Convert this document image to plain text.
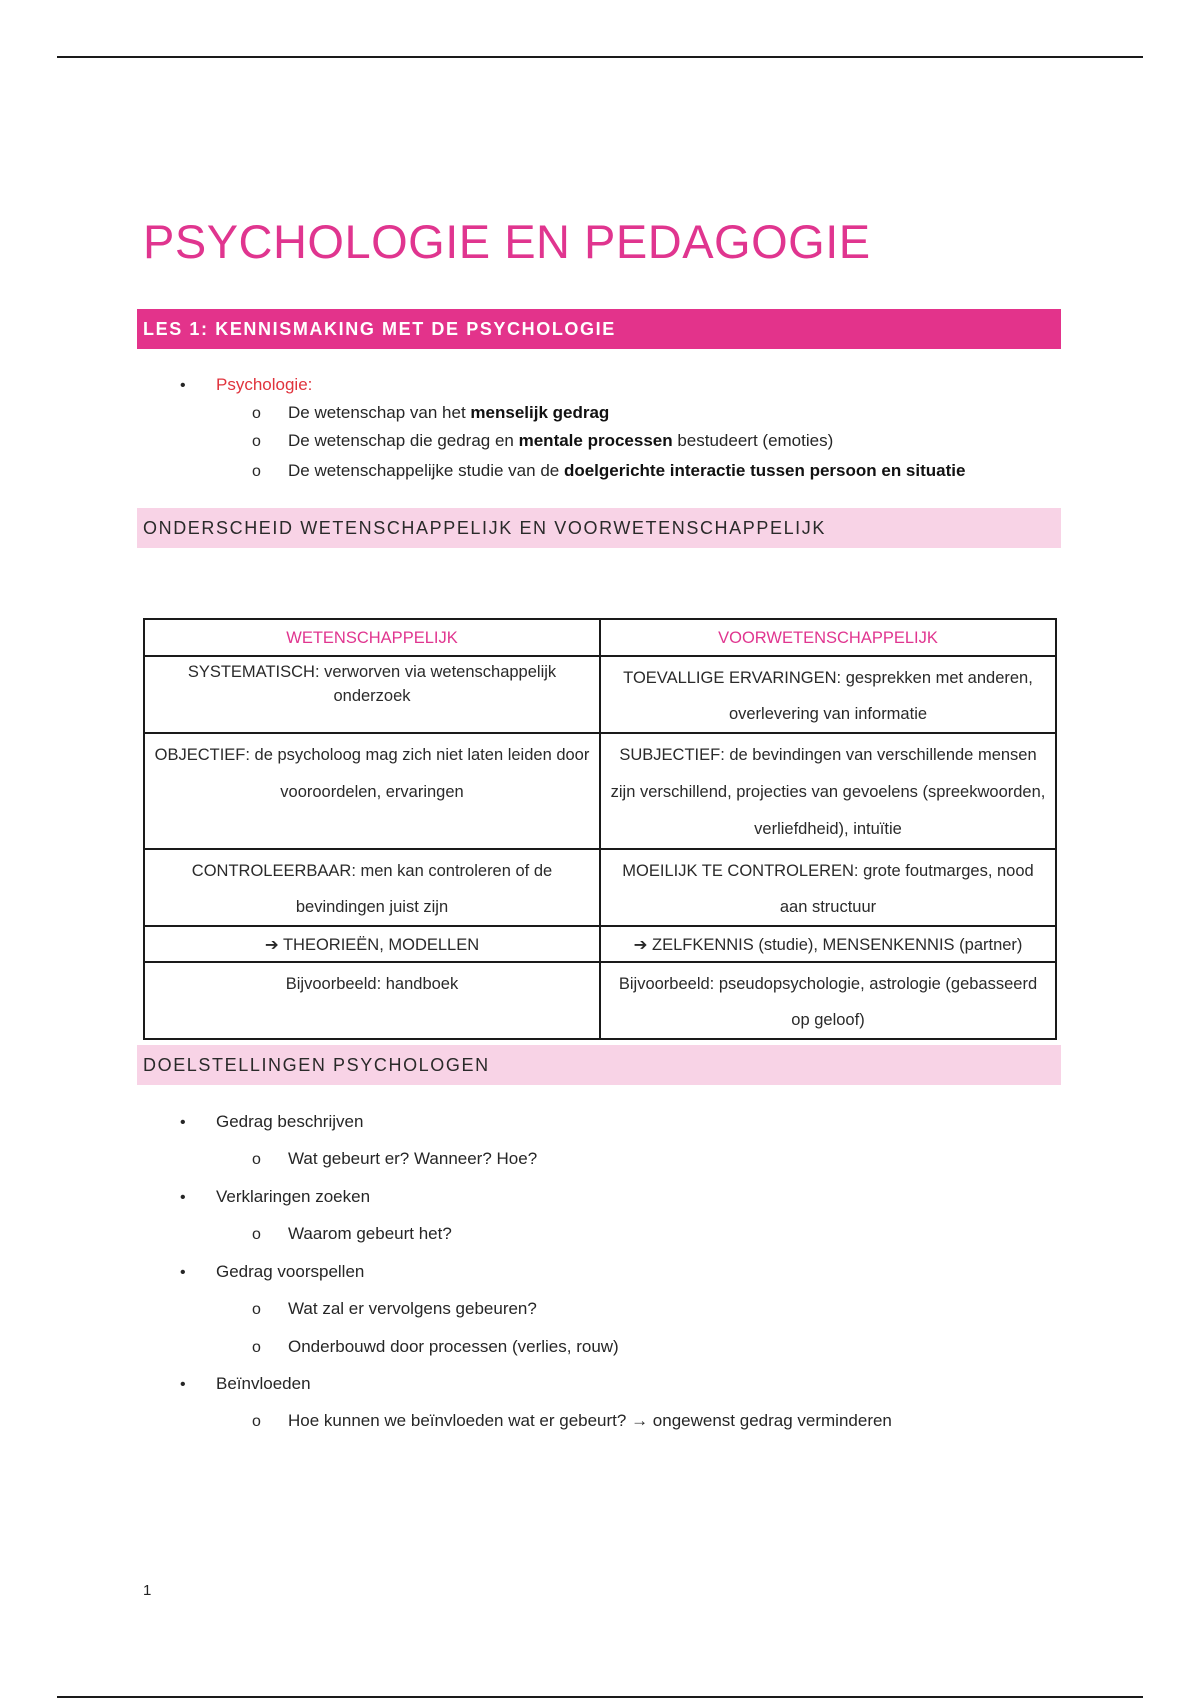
PSYCHOLOGIE EN PEDAGOGIE
LES 1: KENNISMAKING MET DE PSYCHOLOGIE
• Psychologie:
o De wetenschap van het menselijk gedrag
o De wetenschap die gedrag en mentale processen bestudeert (emoties)
o De wetenschappelijke studie van de doelgerichte interactie tussen persoon en situatie
ONDERSCHEID WETENSCHAPPELIJK EN VOORWETENSCHAPPELIJK
WETENSCHAPPELIJK	VOORWETENSCHAPPELIJK
SYSTEMATISCH: verworven via wetenschappelijk onderzoek	TOEVALLIGE ERVARINGEN: gesprekken met anderen, overlevering van informatie
OBJECTIEF: de psycholoog mag zich niet laten leiden door vooroordelen, ervaringen	SUBJECTIEF: de bevindingen van verschillende mensen zijn verschillend, projecties van gevoelens (spreekwoorden, verliefdheid), intuïtie
CONTROLEERBAAR: men kan controleren of de bevindingen juist zijn	MOEILIJK TE CONTROLEREN: grote foutmarges, nood aan structuur
➔ THEORIEËN, MODELLEN	➔ ZELFKENNIS (studie), MENSENKENNIS (partner)
Bijvoorbeeld: handboek	Bijvoorbeeld: pseudopsychologie, astrologie (gebasseerd op geloof)
DOELSTELLINGEN PSYCHOLOGEN
• Gedrag beschrijven
o Wat gebeurt er? Wanneer? Hoe?
• Verklaringen zoeken
o Waarom gebeurt het?
• Gedrag voorspellen
o Wat zal er vervolgens gebeuren?
o Onderbouwd door processen (verlies, rouw)
• Beïnvloeden
o Hoe kunnen we beïnvloeden wat er gebeurt? → ongewenst gedrag verminderen
1
